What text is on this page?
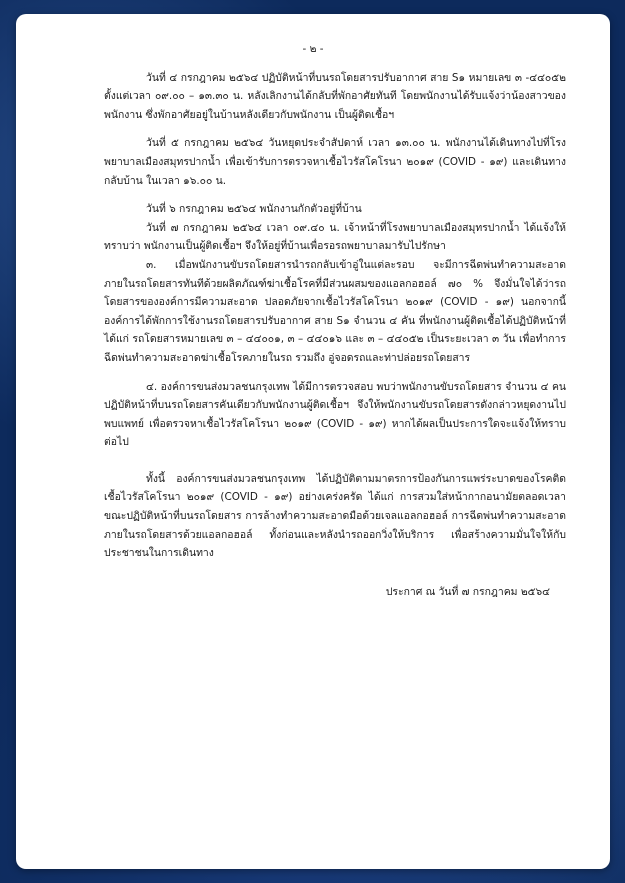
- ๒ -

วันที่ ๔ กรกฎาคม ๒๕๖๔ ปฏิบัติหน้าที่บนรถโดยสารปรับอากาศ สาย S๑ หมายเลข ๓ -๔๔๐๕๒ ตั้งแต่เวลา ๐๙.๐๐ – ๑๓.๓๐ น. หลังเลิกงานได้กลับที่พักอาศัยทันที โดยพนักงานได้รับแจ้งว่าน้องสาวของพนักงาน ซึ่งพักอาศัยอยู่ในบ้านหลังเดียวกับพนักงาน เป็นผู้ติดเชื้อฯ

วันที่ ๕ กรกฎาคม ๒๕๖๔ วันหยุดประจำสัปดาห์ เวลา ๑๓.๐๐ น. พนักงานได้เดินทางไปที่โรงพยาบาลเมืองสมุทรปากน้ำ เพื่อเข้ารับการตรวจหาเชื้อไวรัสโคโรนา ๒๐๑๙ (COVID - ๑๙) และเดินทางกลับบ้าน ในเวลา ๑๖.๐๐ น.

วันที่ ๖ กรกฎาคม ๒๕๖๔ พนักงานกักตัวอยู่ที่บ้าน

วันที่ ๗ กรกฎาคม ๒๕๖๔ เวลา ๐๙.๔๐ น. เจ้าหน้าที่โรงพยาบาลเมืองสมุทรปากน้ำ ได้แจ้งให้ทราบว่า พนักงานเป็นผู้ติดเชื้อฯ จึงให้อยู่ที่บ้านเพื่อรอรถพยาบาลมารับไปรักษา

๓. เมื่อพนักงานขับรถโดยสารนำรถกลับเข้าอู่ในแต่ละรอบ จะมีการฉีดพ่นทำความสะอาดภายในรถโดยสารทันทีด้วยผลิตภัณฑ์ฆ่าเชื้อโรคที่มีส่วนผสมของแอลกอฮอล์ ๗๐ % จึงมั่นใจได้ว่ารถโดยสารขององค์การมีความสะอาด ปลอดภัยจากเชื้อไวรัสโคโรนา ๒๐๑๙ (COVID - ๑๙) นอกจากนี้ องค์การได้พักการใช้งานรถโดยสารปรับอากาศ สาย S๑ จำนวน ๔ คัน ที่พนักงานผู้ติดเชื้อได้ปฏิบัติหน้าที่ ได้แก่ รถโดยสารหมายเลข ๓ – ๔๔๐๐๑, ๓ – ๔๔๐๑๖ และ ๓ – ๔๔๐๕๒ เป็นระยะเวลา ๓ วัน เพื่อทำการฉีดพ่นทำความสะอาดฆ่าเชื้อโรคภายในรถ รวมถึง อู่จอดรถและท่าปล่อยรถโดยสาร

๔. องค์การขนส่งมวลชนกรุงเทพ ได้มีการตรวจสอบ พบว่าพนักงานขับรถโดยสาร จำนวน ๔ คน ปฏิบัติหน้าที่บนรถโดยสารคันเดียวกับพนักงานผู้ติดเชื้อฯ จึงให้พนักงานขับรถโดยสารดังกล่าวหยุดงานไปพบแพทย์ เพื่อตรวจหาเชื้อไวรัสโคโรนา ๒๐๑๙ (COVID - ๑๙) หากได้ผลเป็นประการใดจะแจ้งให้ทราบต่อไป

ทั้งนี้ องค์การขนส่งมวลชนกรุงเทพ ได้ปฏิบัติตามมาตรการป้องกันการแพร่ระบาดของโรคติดเชื้อไวรัสโคโรนา ๒๐๑๙ (COVID - ๑๙) อย่างเคร่งครัด ได้แก่ การสวมใส่หน้ากากอนามัยตลอดเวลาขณะปฏิบัติหน้าที่บนรถโดยสาร การล้างทำความสะอาดมือด้วยเจลแอลกอฮอล์ การฉีดพ่นทำความสะอาดภายในรถโดยสารด้วยแอลกอฮอล์ ทั้งก่อนและหลังนำรถออกวิ่งให้บริการ เพื่อสร้างความมั่นใจให้กับประชาชนในการเดินทาง

ประกาศ ณ วันที่ ๗ กรกฎาคม ๒๕๖๔
